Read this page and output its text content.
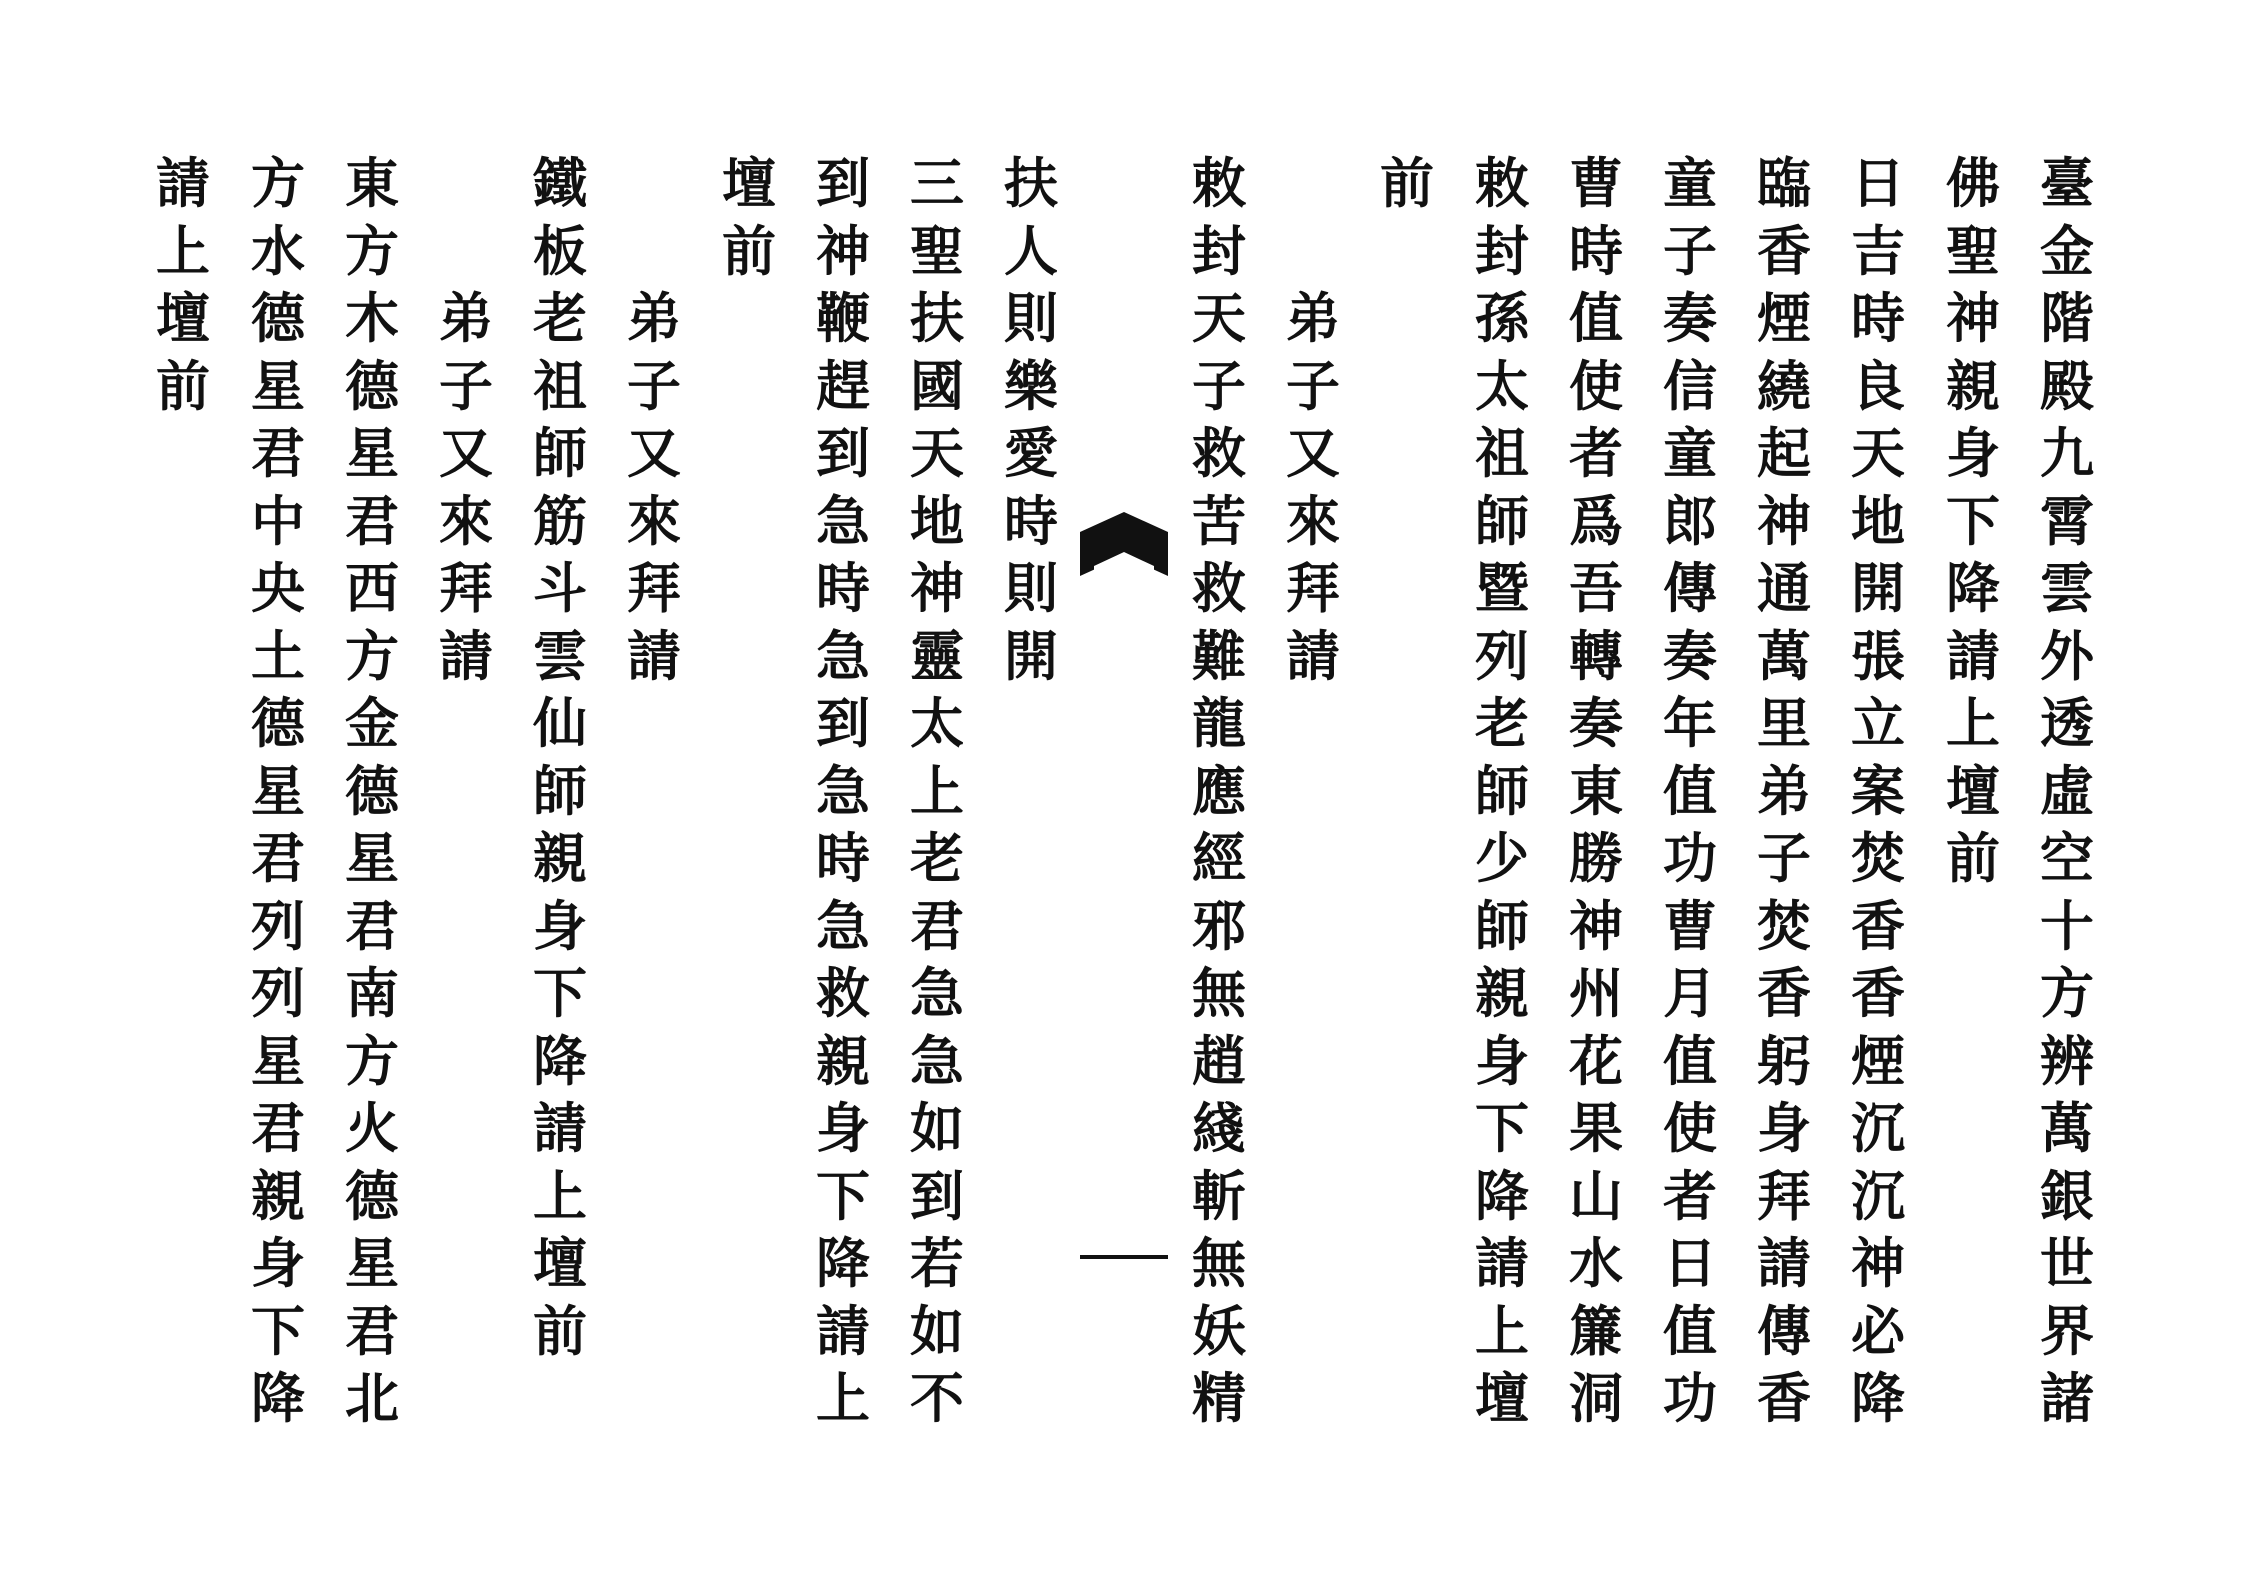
臺
金
階
殿
九
霄
雲
外
透
虛
空
十
方
辨
萬
銀
世
界
諸
佛
聖
神
親
身
下
降
請
上
壇
前
日
吉
時
良
天
地
開
張
立
案
焚
香
香
煙
沉
沉
神
必
降
臨
香
煙
繞
起
神
通
萬
里
弟
子
焚
香
躬
身
拜
請
傳
香
童
子
奏
信
童
郎
傳
奏
年
值
功
曹
月
值
使
者
日
值
功
曹
時
值
使
者
爲
吾
轉
奏
東
勝
神
州
花
果
山
水
簾
洞
敕
封
孫
太
祖
師
暨
列
老
師
少
師
親
身
下
降
請
上
壇
前
弟
子
又
來
拜
請
敕
封
天
子
救
苦
救
難
龍
應
經
邪
無
趙
綫
斬
無
妖
精
扶
人
則
樂
愛
時
則
開
三
聖
扶
國
天
地
神
靈
太
上
老
君
急
急
如
到
若
如
不
到
神
鞭
趕
到
急
時
急
到
急
時
急
救
親
身
下
降
請
上
壇
前
弟
子
又
來
拜
請
鐵
板
老
祖
師
筋
斗
雲
仙
師
親
身
下
降
請
上
壇
前
弟
子
又
來
拜
請
東
方
木
德
星
君
西
方
金
德
星
君
南
方
火
德
星
君
北
方
水
德
星
君
中
央
土
德
星
君
列
列
星
君
親
身
下
降
請
上
壇
前
